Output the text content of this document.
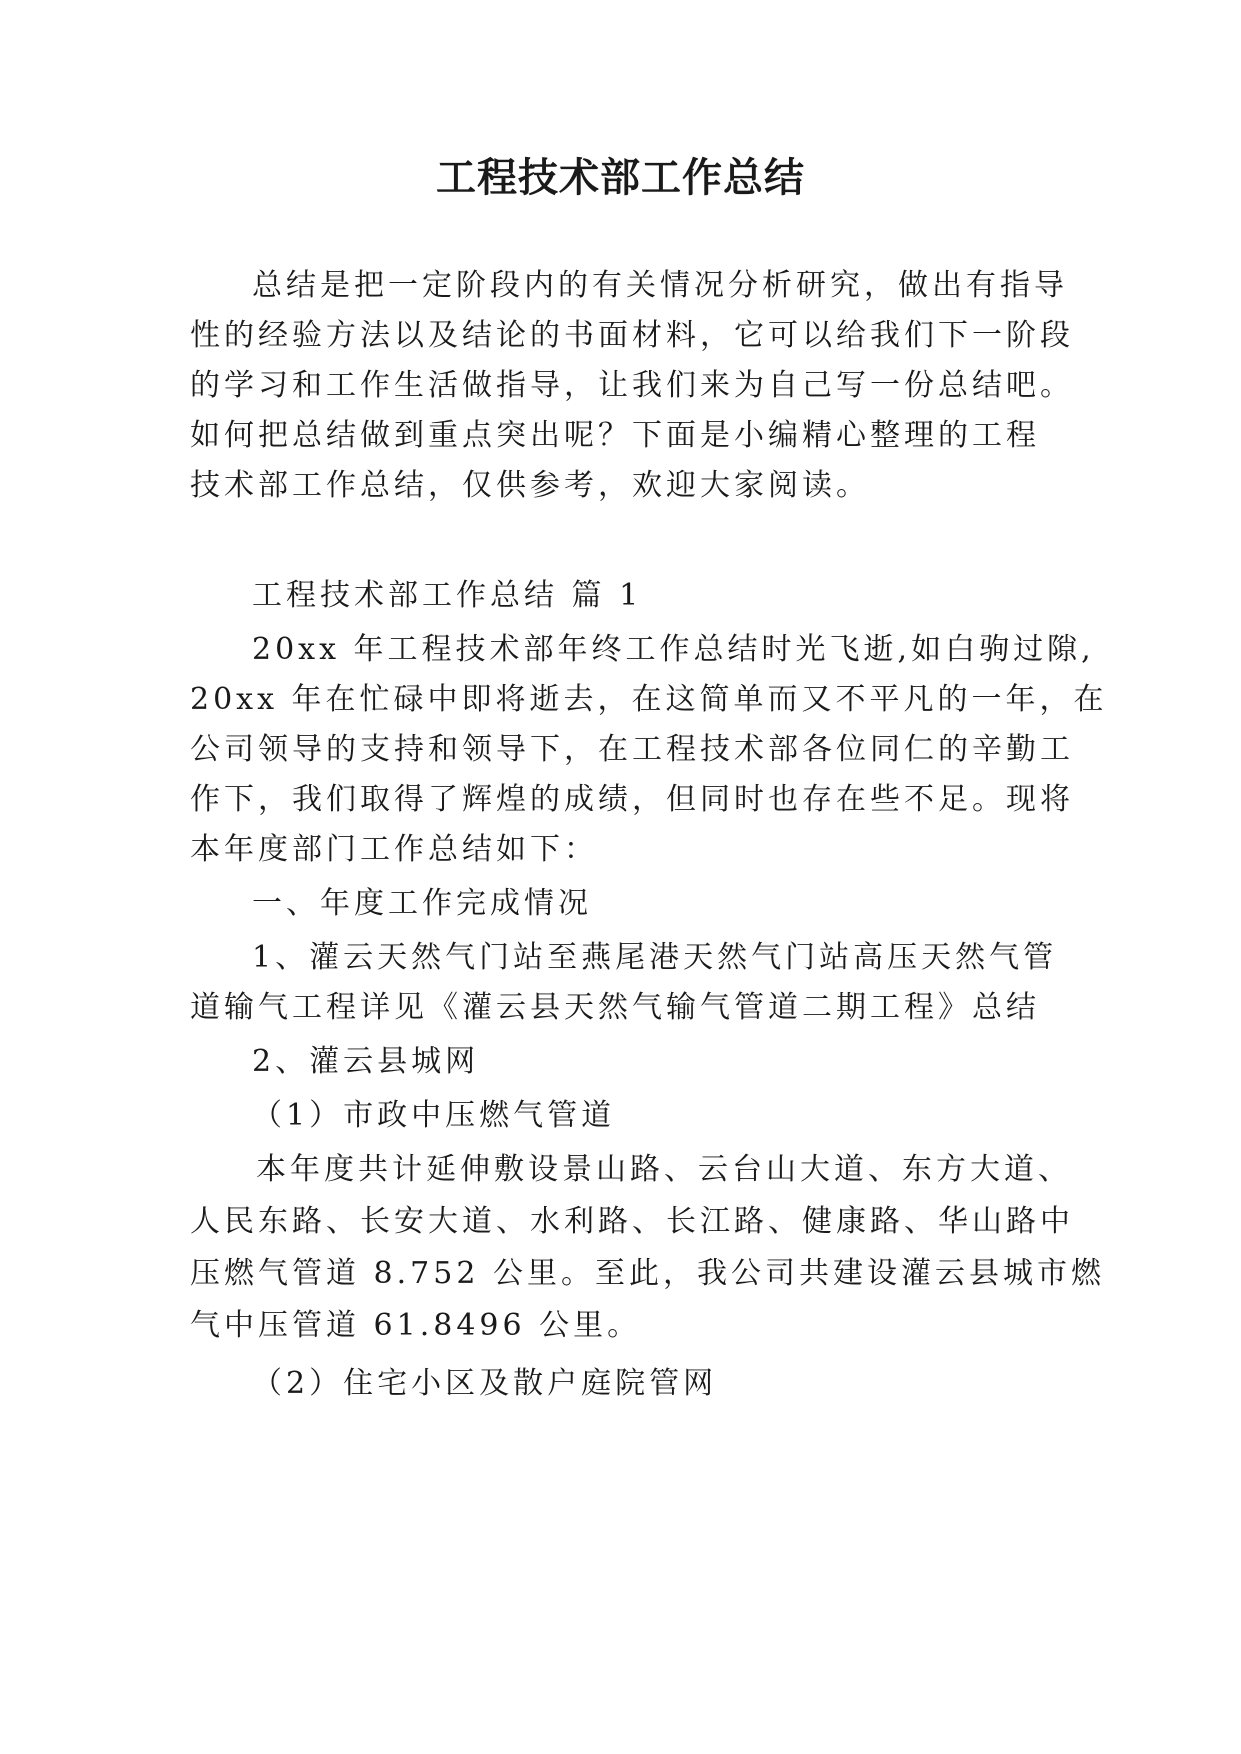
工程技术部工作总结
总结是把一定阶段内的有关情况分析研究，做出有指导
性的经验方法以及结论的书面材料，它可以给我们下一阶段
的学习和工作生活做指导，让我们来为自己写一份总结吧。
如何把总结做到重点突出呢？下面是小编精心整理的工程
技术部工作总结，仅供参考，欢迎大家阅读。
工程技术部工作总结 篇 1
20xx 年工程技术部年终工作总结时光飞逝,如白驹过隙,
20xx 年在忙碌中即将逝去，在这简单而又不平凡的一年，在
公司领导的支持和领导下，在工程技术部各位同仁的辛勤工
作下，我们取得了辉煌的成绩，但同时也存在些不足。现将
本年度部门工作总结如下：
一、年度工作完成情况
1、灌云天然气门站至燕尾港天然气门站高压天然气管
道输气工程详见《灌云县天然气输气管道二期工程》总结
2、灌云县城网
（1）市政中压燃气管道
本年度共计延伸敷设景山路、云台山大道、东方大道、
人民东路、长安大道、水利路、长江路、健康路、华山路中
压燃气管道 8.752 公里。至此，我公司共建设灌云县城市燃
气中压管道 61.8496 公里。
（2）住宅小区及散户庭院管网
